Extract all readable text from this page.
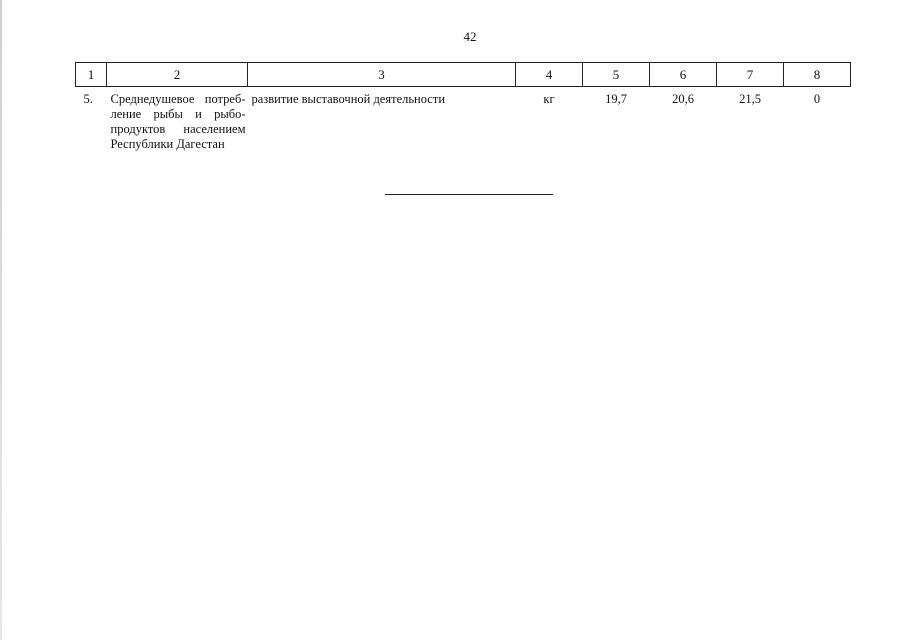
42
1	2	3	4	5	6	7	8
5.	Среднедушевое потреб-ление рыбы и рыбо-продуктов населением Республики Дагестан	развитие выставочной деятельности	кг	19,7	20,6	21,5	0
